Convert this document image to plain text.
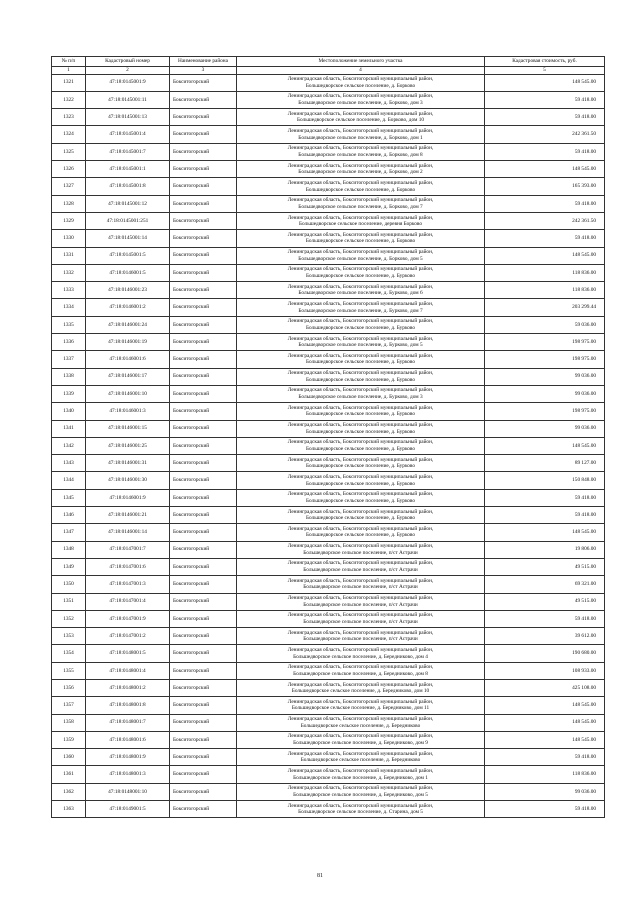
№ п/п	Кадастровый номер	Наименование района	Местоположение земельного участка	Кадастровая стоимость, руб.
1	2	3	4	5
1321	47:18:0145001:9	Бокситогорский	Ленинградская область, Бокситогорский муниципальный район,
Большедворское сельское поселение, д. Борково	148 545.00
1322	47:18:0145001:11	Бокситогорский	Ленинградская область, Бокситогорский муниципальный район,
Большедворское сельское поселение, д. Борково, дом 3	59 418.00
1323	47:18:0145001:13	Бокситогорский	Ленинградская область, Бокситогорский муниципальный район,
Большедворское сельское поселение, д. Борково, дом 10	59 418.00
1324	47:18:0145001:4	Бокситогорский	Ленинградская область, Бокситогорский муниципальный район,
Большедворское сельское поселение, д. Борково, дом 1	242 361.50
1325	47:18:0145001:7	Бокситогорский	Ленинградская область, Бокситогорский муниципальный район,
Большедворское сельское поселение, д. Борково, дом 8	59 418.00
1326	47:18:0145001:1	Бокситогорский	Ленинградская область, Бокситогорский муниципальный район,
Большедворское сельское поселение, д. Борково, дом 2	148 545.00
1327	47:18:0145001:8	Бокситогорский	Ленинградская область, Бокситогорский муниципальный район,
Большедворское сельское поселение, д. Борково	165 393.00
1328	47:18:0145001:12	Бокситогорский	Ленинградская область, Бокситогорский муниципальный район,
Большедворское сельское поселение, д. Борково, дом 7	59 418.00
1329	47:18:0145001:251	Бокситогорский	Ленинградская область, Бокситогорский муниципальный район,
Большедворское сельское поселение, деревня Борково	242 361.50
1330	47:18:0145001:14	Бокситогорский	Ленинградская область, Бокситогорский муниципальный район,
Большедворское сельское поселение, д. Борково	59 418.00
1331	47:18:0145001:5	Бокситогорский	Ленинградская область, Бокситогорский муниципальный район,
Большедворское сельское поселение, д. Борково, дом 5	148 545.00
1332	47:18:0146001:5	Бокситогорский	Ленинградская область, Бокситогорский муниципальный район,
Большедворское сельское поселение, д. Бурково	118 836.00
1333	47:18:0146001:23	Бокситогорский	Ленинградская область, Бокситогорский муниципальный район,
Большедворское сельское поселение, д. Бурково, дом 6	118 836.00
1334	47:18:0146001:2	Бокситогорский	Ленинградская область, Бокситогорский муниципальный район,
Большедворское сельское поселение, д. Бурково, дом 7	203 299.44
1335	47:18:0146001:24	Бокситогорский	Ленинградская область, Бокситогорский муниципальный район,
Большедворское сельское поселение, д. Бурково	59 036.00
1336	47:18:0146001:19	Бокситогорский	Ленинградская область, Бокситогорский муниципальный район,
Большедворское сельское поселение, д. Бурково, дом 5	198 975.00
1337	47:18:0146001:6	Бокситогорский	Ленинградская область, Бокситогорский муниципальный район,
Большедворское сельское поселение, д. Бурково	198 975.00
1338	47:18:0146001:17	Бокситогорский	Ленинградская область, Бокситогорский муниципальный район,
Большедворское сельское поселение, д. Бурково	99 036.00
1339	47:18:0146001:10	Бокситогорский	Ленинградская область, Бокситогорский муниципальный район,
Большедворское сельское поселение, д. Бурково, дом 3	99 036.00
1340	47:18:0146001:3	Бокситогорский	Ленинградская область, Бокситогорский муниципальный район,
Большедворское сельское поселение, д. Бурково	198 975.00
1341	47:18:0146001:15	Бокситогорский	Ленинградская область, Бокситогорский муниципальный район,
Большедворское сельское поселение, д. Бурково	99 036.00
1342	47:18:0146001:25	Бокситогорский	Ленинградская область, Бокситогорский муниципальный район,
Большедворское сельское поселение, д. Бурково	148 545.00
1343	47:18:0146001:31	Бокситогорский	Ленинградская область, Бокситогорский муниципальный район,
Большедворское сельское поселение, д. Бурково	89 127.00
1344	47:18:0146001:30	Бокситогорский	Ленинградская область, Бокситогорский муниципальный район,
Большедворское сельское поселение, д. Бурково	150 848.00
1345	47:18:0146001:9	Бокситогорский	Ленинградская область, Бокситогорский муниципальный район,
Большедворское сельское поселение, д. Бурково	59 418.00
1346	47:18:0146001:21	Бокситогорский	Ленинградская область, Бокситогорский муниципальный район,
Большедворское сельское поселение, д. Бурково	59 418.00
1347	47:18:0146001:14	Бокситогорский	Ленинградская область, Бокситогорский муниципальный район,
Большедворское сельское поселение, д. Бурково	148 545.00
1348	47:18:0147001:7	Бокситогорский	Ленинградская область, Бокситогорский муниципальный район,
Большедворское сельское поселение, п/ст Астрачи	19 806.00
1349	47:18:0147001:6	Бокситогорский	Ленинградская область, Бокситогорский муниципальный район,
Большедворское сельское поселение, п/ст Астрачи	49 515.00
1350	47:18:0147001:3	Бокситогорский	Ленинградская область, Бокситогорский муниципальный район,
Большедворское сельское поселение, п/ст Астрачи	69 321.00
1351	47:18:0147001:4	Бокситогорский	Ленинградская область, Бокситогорский муниципальный район,
Большедворское сельское поселение, п/ст Астрачи	49 515.00
1352	47:18:0147001:9	Бокситогорский	Ленинградская область, Бокситогорский муниципальный район,
Большедворское сельское поселение, п/ст Астрачи	59 418.00
1353	47:18:0147001:2	Бокситогорский	Ленинградская область, Бокситогорский муниципальный район,
Большедворское сельское поселение, п/ст Астрачи	39 612.00
1354	47:18:0148001:5	Бокситогорский	Ленинградская область, Бокситогорский муниципальный район,
Большедворское сельское поселение, д. Бередниково, дом 4	190 680.00
1355	47:18:0148001:4	Бокситогорский	Ленинградская область, Бокситогорский муниципальный район,
Большедворское сельское поселение, д. Бередниково, дом 8	108 933.00
1356	47:18:0148001:2	Бокситогорский	Ленинградская область, Бокситогорский муниципальный район,
Большедворское сельское поселение, д. Бередниково, дом 10	425 108.00
1357	47:18:0148001:8	Бокситогорский	Ленинградская область, Бокситогорский муниципальный район,
Большедворское сельское поселение, д. Бередниково, дом 11	148 545.00
1358	47:18:0148001:7	Бокситогорский	Ленинградская область, Бокситогорский муниципальный район,
Большедворское сельское поселение, д. Бередниково	148 545.00
1359	47:18:0148001:6	Бокситогорский	Ленинградская область, Бокситогорский муниципальный район,
Большедворское сельское поселение, д. Бередниково, дом 9	148 545.00
1360	47:18:0148001:9	Бокситогорский	Ленинградская область, Бокситогорский муниципальный район,
Большедворское сельское поселение, д. Бередниково	59 418.00
1361	47:18:0148001:3	Бокситогорский	Ленинградская область, Бокситогорский муниципальный район,
Большедворское сельское поселение, д. Бередниково, дом 1	118 836.00
1362	47:18:0148001:10	Бокситогорский	Ленинградская область, Бокситогорский муниципальный район,
Большедворское сельское поселение, д. Бередниково, дом 5	99 036.00
1363	47:18:0149001:5	Бокситогорский	Ленинградская область, Бокситогорский муниципальный район,
Большедворское сельское поселение, д. Старина, дом 5	59 418.00
81
